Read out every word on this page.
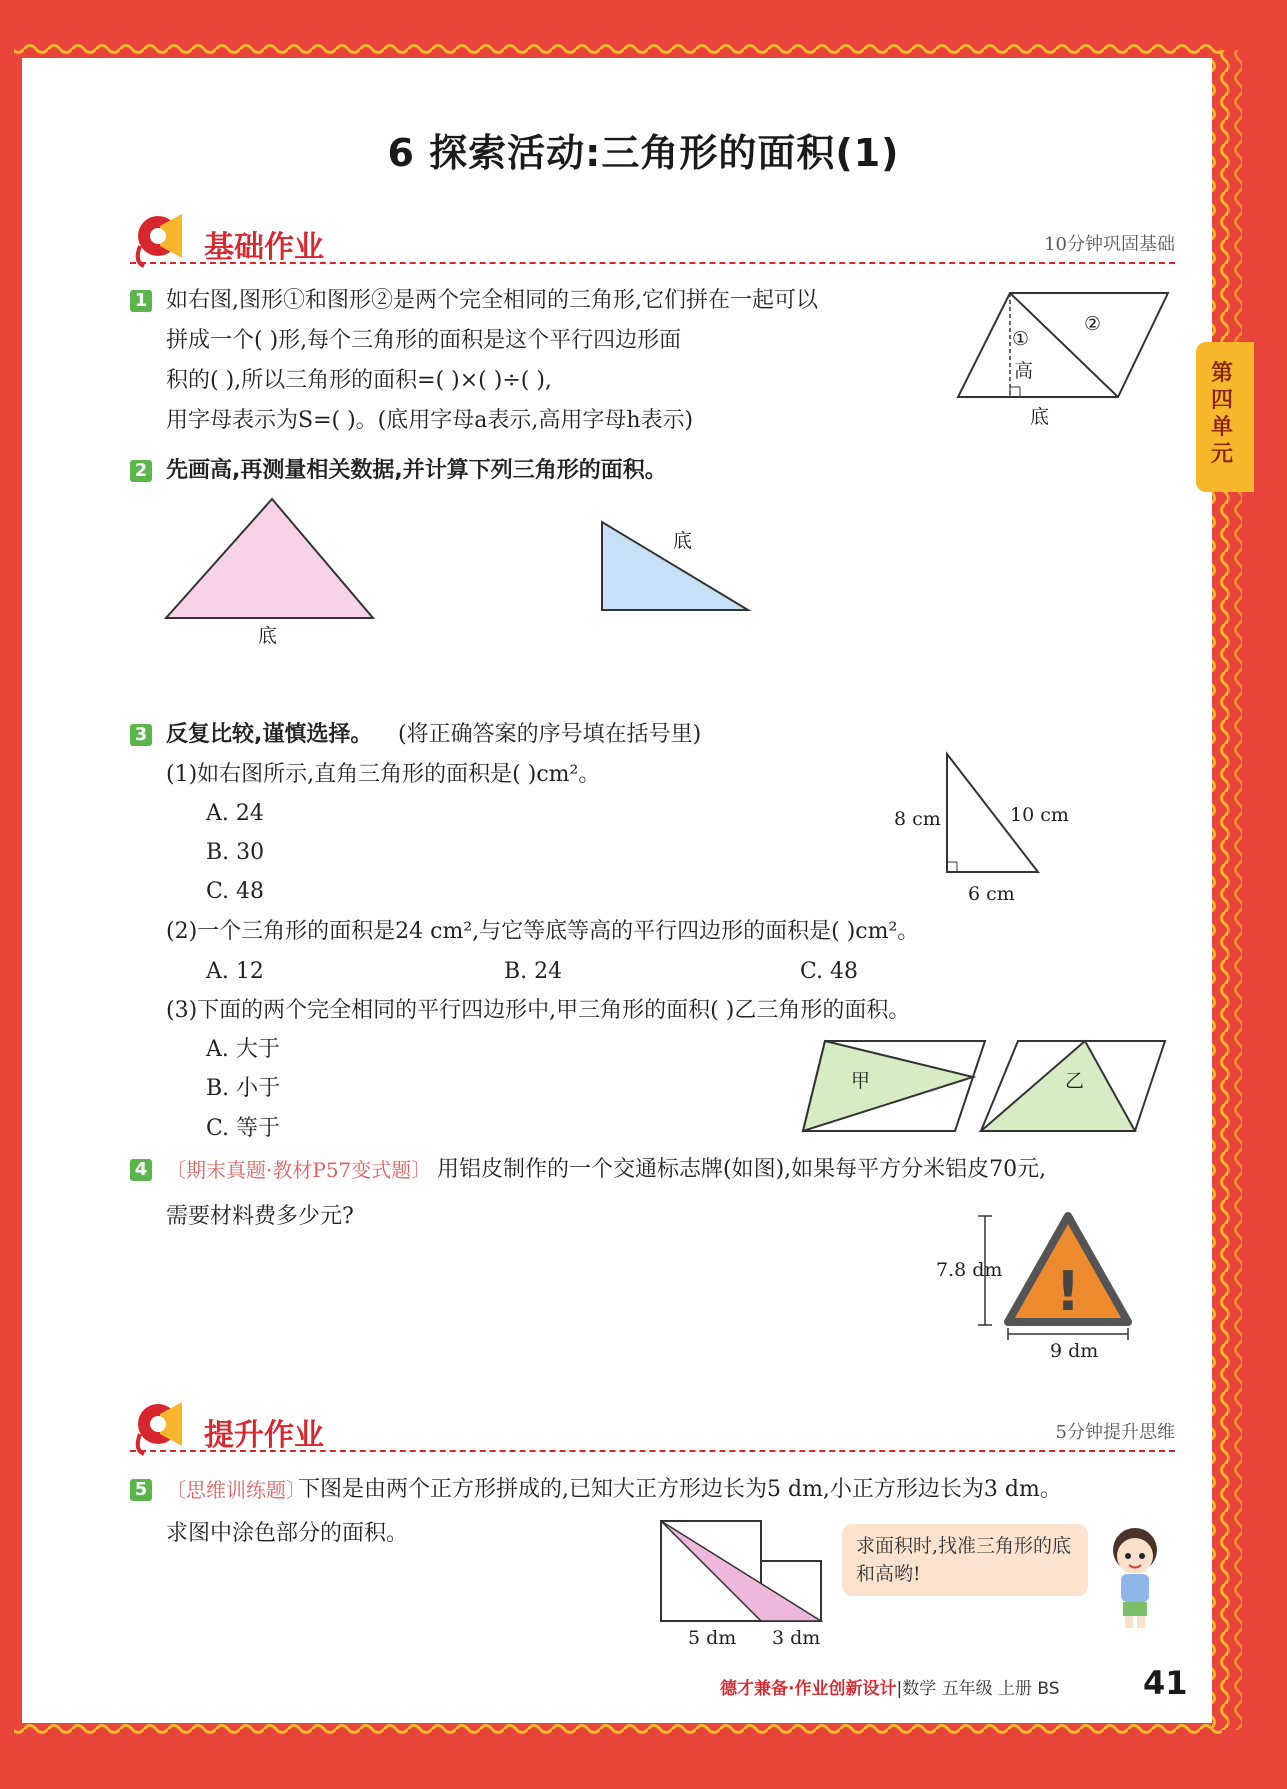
第四单元
6 探索活动:三角形的面积(1)
基础作业	10分钟巩固基础
1 如右图,图形①和图形②是两个完全相同的三角形,它们拼在一起可以
拼成一个( )形,每个三角形的面积是这个平行四边形面
积的( ),所以三角形的面积=( )×( )÷( ),
用字母表示为S=( )。(底用字母a表示,高用字母h表示)
①
②
高
底
2 先画高,再测量相关数据,并计算下列三角形的面积。
底
底
3 反复比较,谨慎选择。 (将正确答案的序号填在括号里)
(1)如右图所示,直角三角形的面积是( )cm²。
A. 24
B. 30
C. 48
8 cm	10 cm
6 cm
(2)一个三角形的面积是24 cm²,与它等底等高的平行四边形的面积是( )cm²。
A. 12	B. 24	C. 48
(3)下面的两个完全相同的平行四边形中,甲三角形的面积( )乙三角形的面积。
A. 大于
B. 小于
C. 等于
甲	乙
4 〔期末真题·教材P57变式题〕 用铝皮制作的一个交通标志牌(如图),如果每平方分米铝皮70元,
需要材料费多少元?
7.8 dm !
9 dm
提升作业	5分钟提升思维
5 〔思维训练题〕
下图是由两个正方形拼成的,已知大正方形边长为5 dm,小正方形边长为3 dm。
求图中涂色部分的面积。
5 dm 3 dm
求面积时,找准三角形的底和高哟!
德才兼备·作业创新设计|数学 五年级 上册 BS	41
